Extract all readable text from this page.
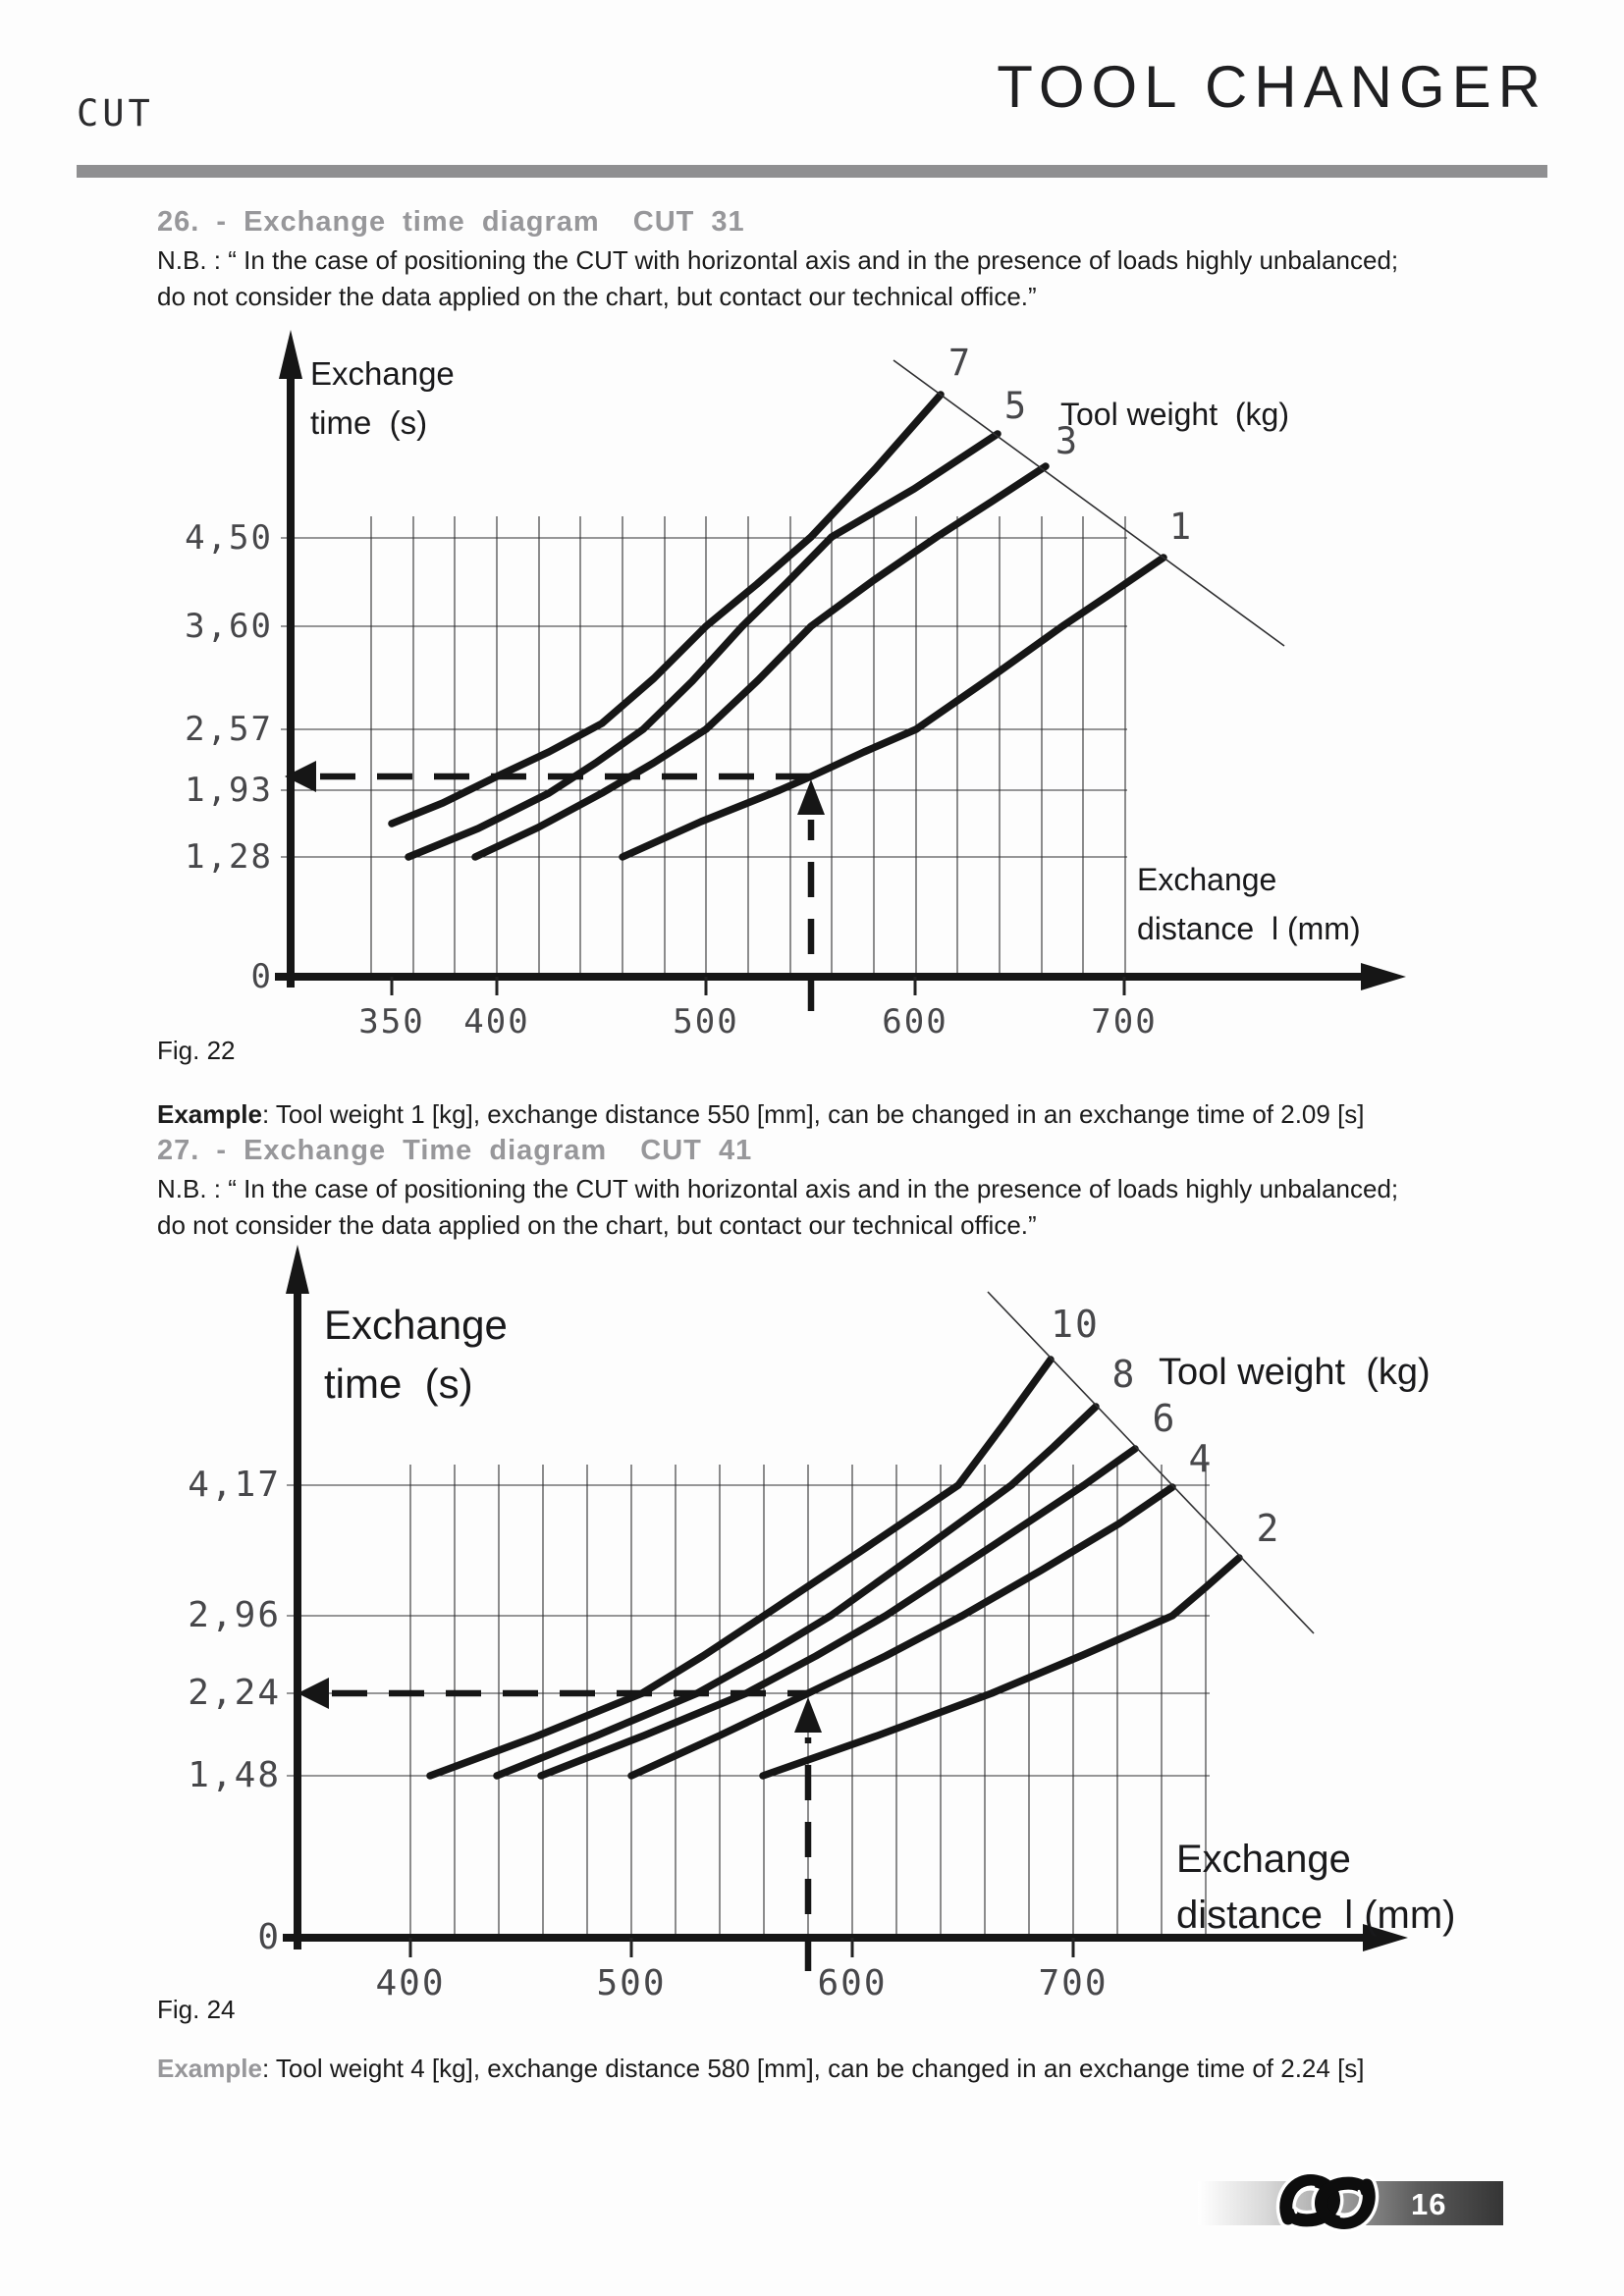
CUT	TOOL CHANGER
26. - Exchange time diagram  CUT 31
N.B. : “ In the case of positioning the CUT with horizontal axis and in the presence of loads highly unbalanced;
do not consider the data applied on the chart, but contact our technical office.”
4,50
3,60
2,57
1,93
1,28
0
350 400	500	600	700
7
5
3
1
Exchange
time  (s)	Tool weight  (kg)
Exchange
distance  l (mm)
Fig. 22
Example: Tool weight 1 [kg], exchange distance 550 [mm], can be changed in an exchange time of 2.09 [s]
27. - Exchange Time diagram  CUT 41
N.B. : “ In the case of positioning the CUT with horizontal axis and in the presence of loads highly unbalanced;
do not consider the data applied on the chart, but contact our technical office.”
4,17
2,96
2,24
1,48
0
400	500	600	700
10
8
6
4
2
Exchange
time  (s)	Tool weight  (kg)
Exchange
distance  l (mm)
Fig. 24
Example: Tool weight 4 [kg], exchange distance 580 [mm], can be changed in an exchange time of 2.24 [s]
16
